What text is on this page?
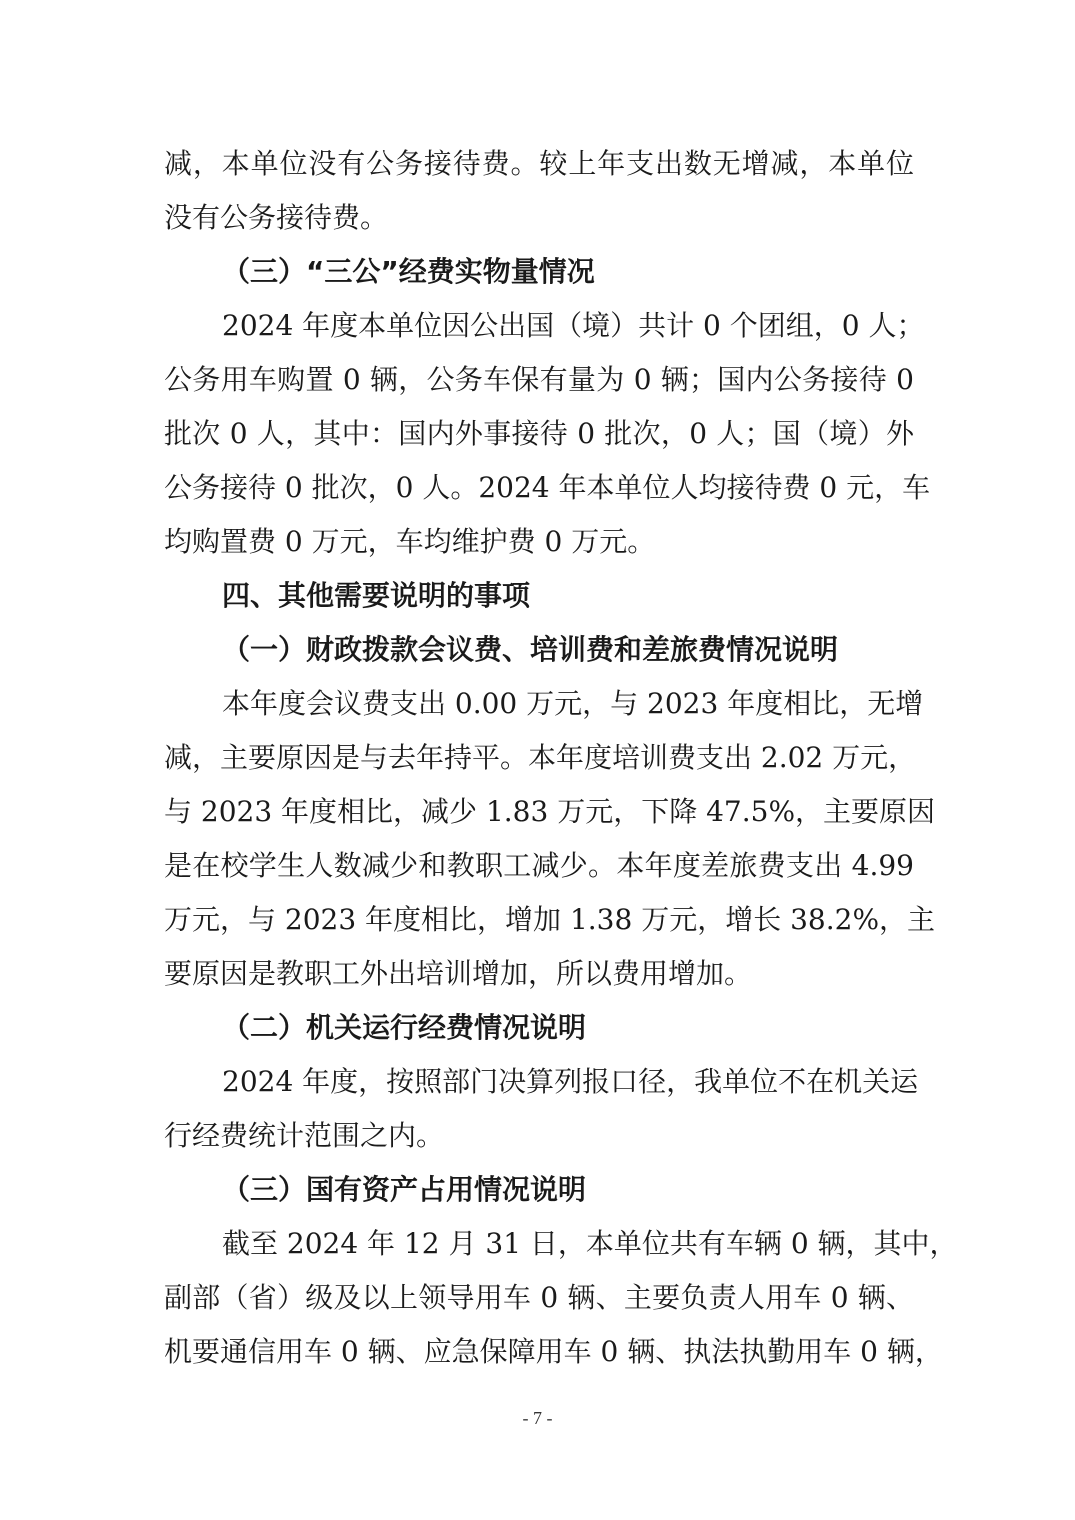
减，本单位没有公务接待费。较上年支出数无增减，本单位
没有公务接待费。
（三）“三公”经费实物量情况
2024 年度本单位因公出国（境）共计 0 个团组，0 人；
公务用车购置 0 辆，公务车保有量为 0 辆；国内公务接待 0
批次 0 人，其中：国内外事接待 0 批次，0 人；国（境）外
公务接待 0 批次，0 人。2024 年本单位人均接待费 0 元，车
均购置费 0 万元，车均维护费 0 万元。
四、其他需要说明的事项
（一）财政拨款会议费、培训费和差旅费情况说明
本年度会议费支出 0.00 万元，与 2023 年度相比，无增
减，主要原因是与去年持平。本年度培训费支出 2.02 万元，
与 2023 年度相比，减少 1.83 万元，下降 47.5%，主要原因
是在校学生人数减少和教职工减少。本年度差旅费支出 4.99
万元，与 2023 年度相比，增加 1.38 万元，增长 38.2%，主
要原因是教职工外出培训增加，所以费用增加。
（二）机关运行经费情况说明
2024 年度，按照部门决算列报口径，我单位不在机关运
行经费统计范围之内。
（三）国有资产占用情况说明
截至 2024 年 12 月 31 日，本单位共有车辆 0 辆，其中，
副部（省）级及以上领导用车 0 辆、主要负责人用车 0 辆、
机要通信用车 0 辆、应急保障用车 0 辆、执法执勤用车 0 辆，
- 7 -
